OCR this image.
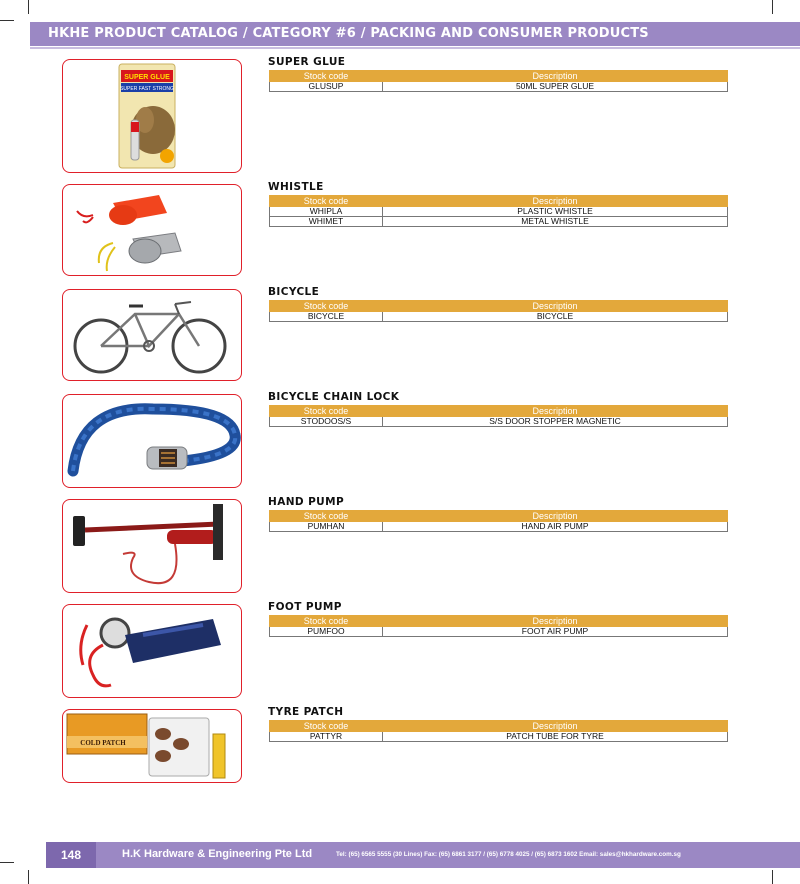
HKHE PRODUCT CATALOG / CATEGORY #6 / PACKING AND CONSUMER PRODUCTS
SUPER GLUE
SUPER FAST STRONG
SUPER GLUE
Stock code	Description
GLUSUP	50ML SUPER GLUE
WHISTLE
Stock code	Description
WHIPLA	PLASTIC WHISTLE
WHIMET	METAL WHISTLE
BICYCLE
Stock code	Description
BICYCLE	BICYCLE
BICYCLE CHAIN LOCK
Stock code	Description
STODOOS/S	S/S DOOR STOPPER MAGNETIC
HAND PUMP
Stock code	Description
PUMHAN	HAND AIR PUMP
FOOT PUMP
Stock code	Description
PUMFOO	FOOT AIR PUMP
COLD PATCH
TYRE PATCH
Stock code	Description
PATTYR	PATCH TUBE FOR TYRE
148	H.K Hardware & Engineering Pte Ltd	Tel: (65) 6565 5555 (30 Lines) Fax: (65) 6861 3177 / (65) 6778 4025 / (65) 6873 1602 Email: sales@hkhardware.com.sg
